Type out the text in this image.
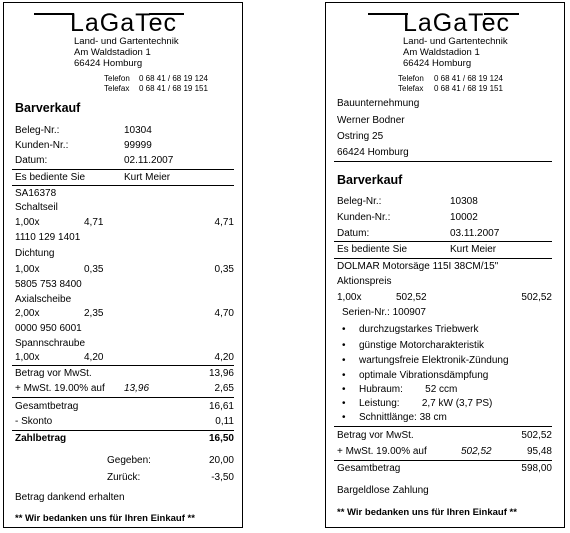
LaGaTec
Land- und Gartentechnik
Am Waldstadion 1
66424 Homburg
Telefon 0 68 41 / 68 19 124
Telefax 0 68 41 / 68 19 151
Barverkauf
Beleg-Nr.:	10304
Kunden-Nr.:	99999
Datum:	02.11.2007
Es bediente Sie	Kurt Meier
SA16378
Schaltseil
1,00x	4,71	4,71
1110 129 1401
Dichtung
1,00x	0,35	0,35
5805 753 8400
Axialscheibe
2,00x	2,35	4,70
0000 950 6001
Spannschraube
1,00x	4,20	4,20
Betrag vor MwSt.	13,96
+ MwSt. 19.00% auf 13,96	2,65
Gesamtbetrag	16,61
- Skonto	0,11
Zahlbetrag	16,50
Gegeben:	20,00
Zurück:	-3,50
Betrag dankend erhalten
** Wir bedanken uns für Ihren Einkauf **
LaGaTec
Land- und Gartentechnik
Am Waldstadion 1
66424 Homburg
Telefon 0 68 41 / 68 19 124
Telefax 0 68 41 / 68 19 151
Bauunternehmung
Werner Bodner
Ostring 25
66424 Homburg
Barverkauf
Beleg-Nr.:	10308
Kunden-Nr.:	10002
Datum:	03.11.2007
Es bediente Sie	Kurt Meier
DOLMAR Motorsäge 115I 38CM/15"
Aktionspreis
1,00x	502,52	502,52
Serien-Nr.: 100907
• durchzugstarkes Triebwerk
• günstige Motorcharakteristik
• wartungsfreie Elektronik-Zündung
• optimale Vibrationsdämpfung
• Hubraum:        52 ccm
• Leistung:        2,7 kW (3,7 PS)
• Schnittlänge: 38 cm
Betrag vor MwSt.	502,52
+ MwSt. 19.00% auf	502,52	95,48
Gesamtbetrag	598,00
Bargeldlose Zahlung
** Wir bedanken uns für Ihren Einkauf **
